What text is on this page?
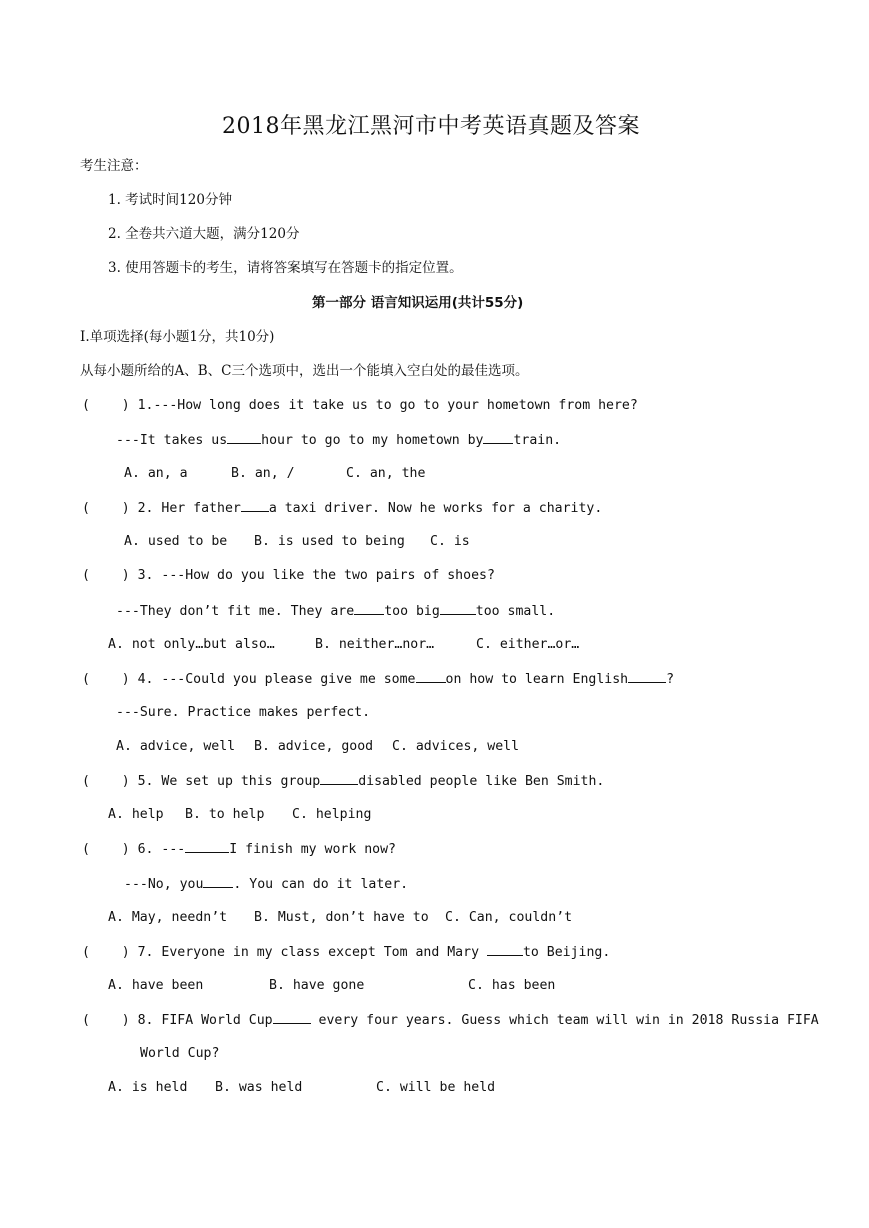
2018年黑龙江黑河市中考英语真题及答案
考生注意：
1. 考试时间120分钟
2. 全卷共六道大题，满分120分
3. 使用答题卡的考生，请将答案填写在答题卡的指定位置。
第一部分 语言知识运用(共计55分)
Ⅰ.单项选择(每小题1分，共10分)
从每小题所给的A、B、C三个选项中，选出一个能填入空白处的最佳选项。
(    ) 1.---How long does it take us to go to your hometown from here?
---It takes us	hour to go to my hometown by train.
A. an, a	B. an, /	C. an, the
(    ) 2. Her father a taxi driver. Now he works for a charity.
A. used to be B. is used to being C. is
(    ) 3. ---How do you like the two pairs of shoes?
---They don’t fit me. They are too big	too small.
A. not only…but also…	B. neither…nor…	C. either…or…
(    ) 4. ---Could you please give me some on how to learn English	?
---Sure. Practice makes perfect.
A. advice, well B. advice, good C. advices, well
(    ) 5. We set up this group	disabled people like Ben Smith.
A. help B. to help C. helping
(    ) 6. ---	I finish my work now?
---No, you . You can do it later.
A. May, needn’t B. Must, don’t have to C. Can, couldn’t
(    ) 7. Everyone in my class except Tom and Mary	to Beijing.
A. have been	B. have gone	C. has been
(    ) 8. FIFA World Cup	every four years. Guess which team will win in 2018 Russia FIFA
World Cup?
A. is held B. was held	C. will be held
